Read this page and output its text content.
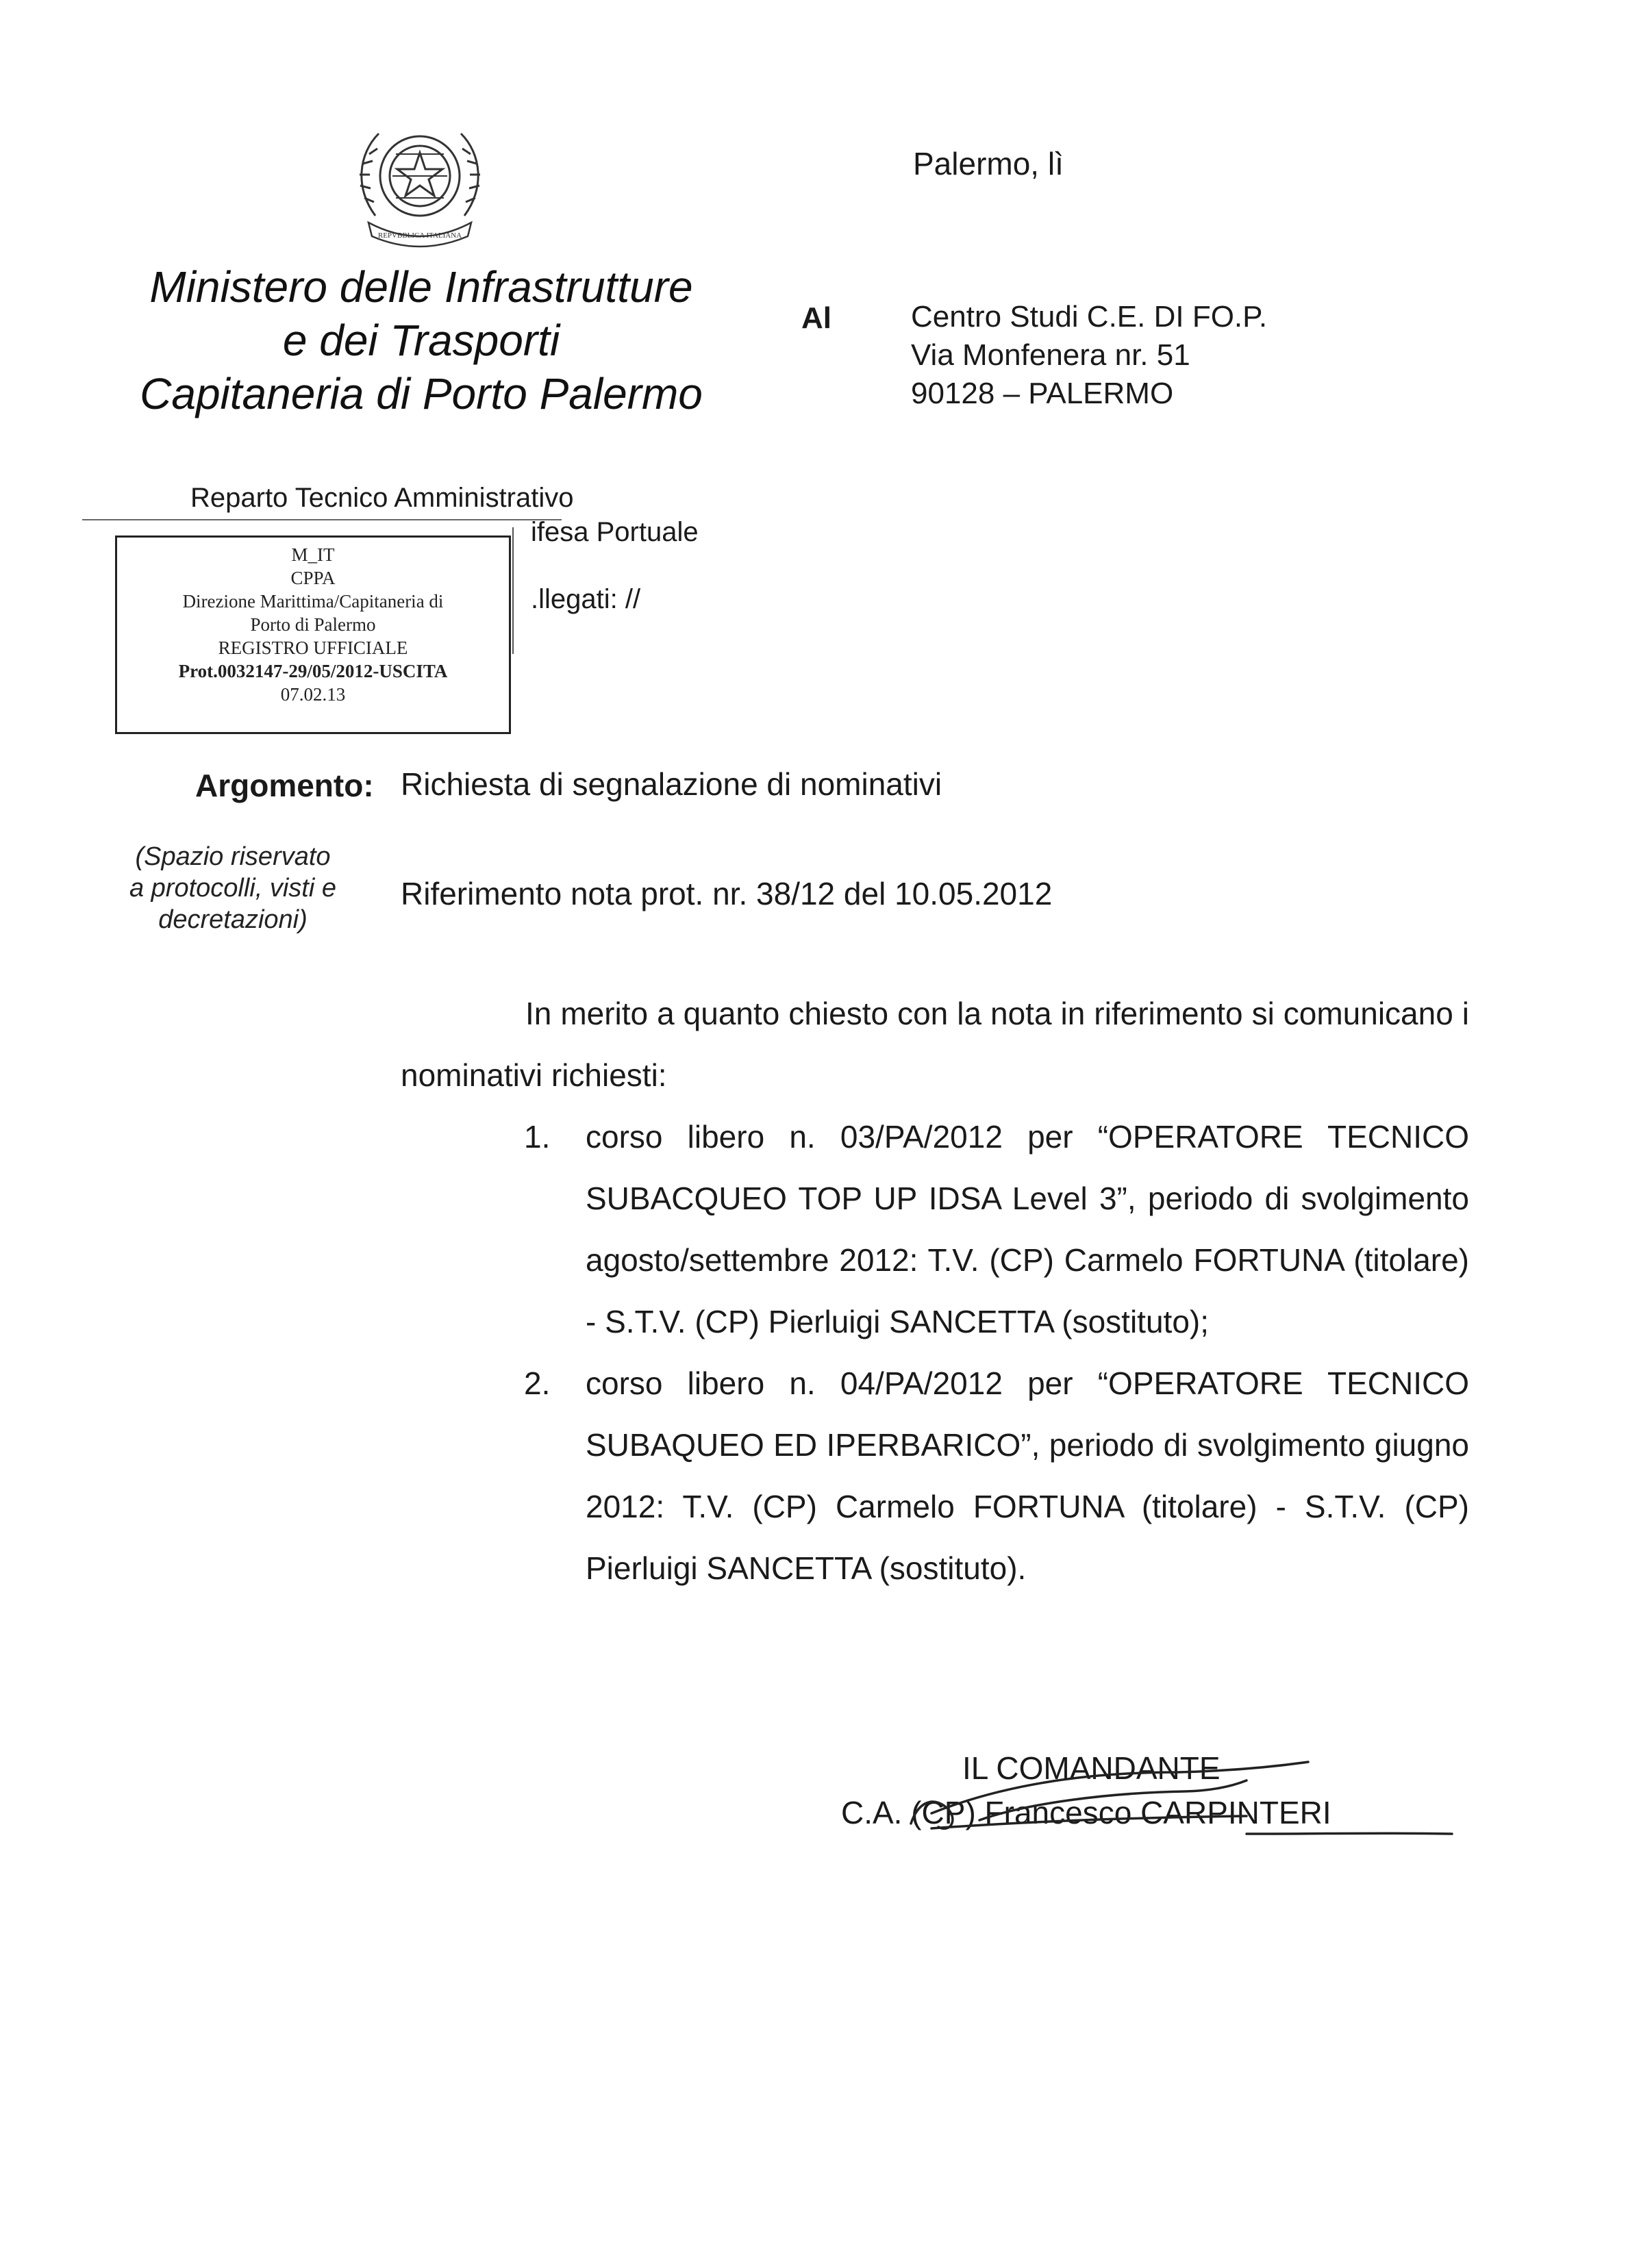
REPVBBLICA ITALIANA
Ministero delle Infrastrutture
e dei Trasporti
Capitaneria di Porto Palermo
Palermo, lì
Al	Centro Studi C.E. DI FO.P.
Via Monfenera nr. 51
90128 – PALERMO
Reparto Tecnico Amministrativo
ifesa Portuale
.llegati: //
M_IT
CPPA
Direzione Marittima/Capitaneria di
Porto di Palermo
REGISTRO UFFICIALE
Prot.0032147-29/05/2012-USCITA
07.02.13
Argomento: Richiesta di segnalazione di nominativi
(Spazio riservato
a protocolli, visti e
decretazioni)
Riferimento nota prot. nr. 38/12 del 10.05.2012
In merito a quanto chiesto con la nota in riferimento si comunicano i nominativi richiesti:
1. corso libero n. 03/PA/2012 per “OPERATORE TECNICO SUBACQUEO TOP UP IDSA Level 3”, periodo di svolgimento agosto/settembre 2012: T.V. (CP) Carmelo FORTUNA (titolare) - S.T.V. (CP) Pierluigi SANCETTA (sostituto);
2. corso libero n. 04/PA/2012 per “OPERATORE TECNICO SUBAQUEO ED IPERBARICO”, periodo di svolgimento giugno 2012: T.V. (CP) Carmelo FORTUNA (titolare) - S.T.V. (CP) Pierluigi SANCETTA (sostituto).
IL COMANDANTE
C.A. (CP) Francesco CARPINTERI
